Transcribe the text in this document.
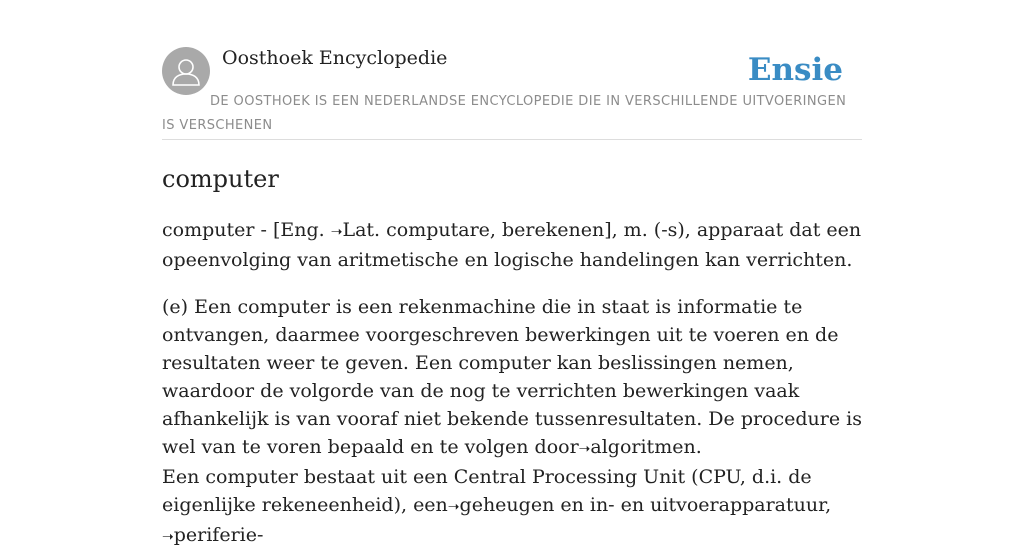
Oosthoek Encyclopedie	Ensie
DE OOSTHOEK IS EEN NEDERLANDSE ENCYCLOPEDIE DIE IN VERSCHILLENDE UITVOERINGEN IS VERSCHENEN
computer

computer - [Eng. ➝Lat. computare, berekenen], m. (-s), apparaat dat een opeenvolging van aritmetische en logische handelingen kan verrichten.

(e) Een computer is een rekenmachine die in staat is informatie te ontvangen, daarmee voorgeschreven bewerkingen uit te voeren en de resultaten weer te geven. Een computer kan beslissingen nemen, waardoor de volgorde van de nog te verrichten bewerkingen vaak afhankelijk is van vooraf niet bekende tussenresultaten. De procedure is wel van te voren bepaald en te volgen door➝algoritmen.

Een computer bestaat uit een Central Processing Unit (CPU, d.i. de eigenlijke rekeneenheid), een➝geheugen en in- en uitvoerapparatuur, ➝periferie-
